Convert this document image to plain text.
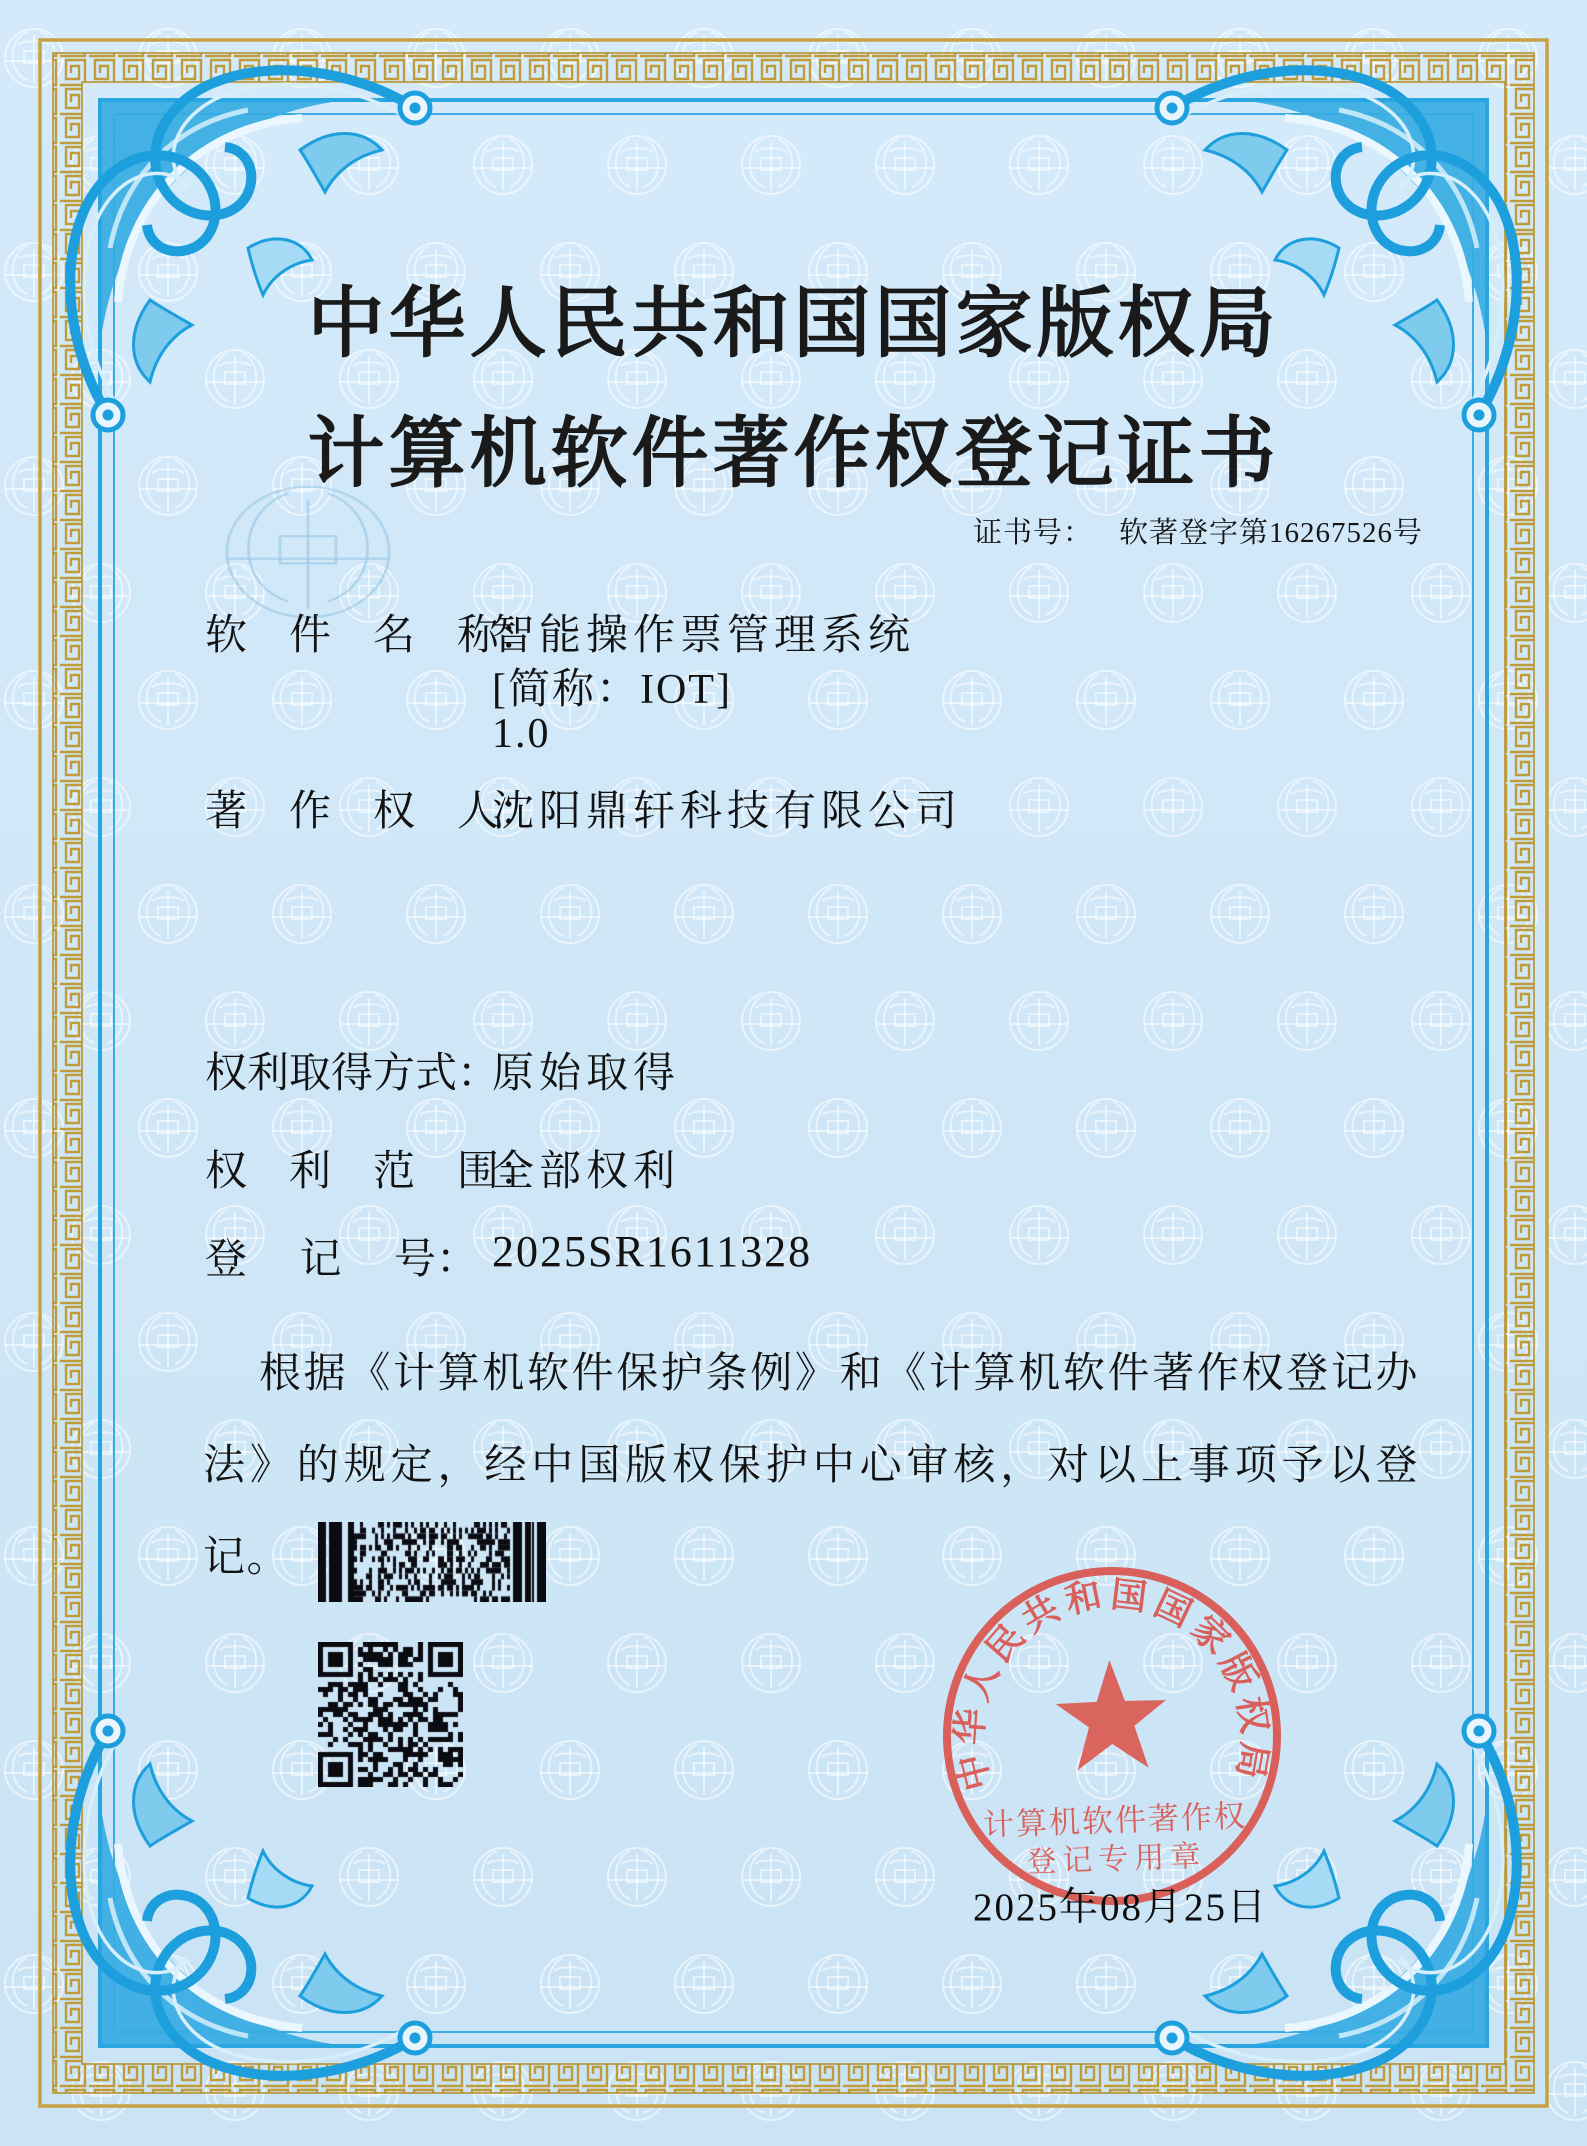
中华人民共和国国家版权局
计算机软件著作权登记证书
证书号： 软著登字第16267526号
软　件　名　称：
智能操作票管理系统
[简称：IOT]
1.0
著　作　权　人：
沈阳鼎轩科技有限公司
权利取得方式：
原始取得
权　利　范　围：
全部权利
登　 记　 号： 2025SR1611328
根据《计算机软件保护条例》和《计算机软件著作权登记办法》的规定，经中国版权保护中心审核，对以上事项予以登记。
中华人民共和国国家版权局
计算机软件著作权
登记专用章
2025年08月25日
